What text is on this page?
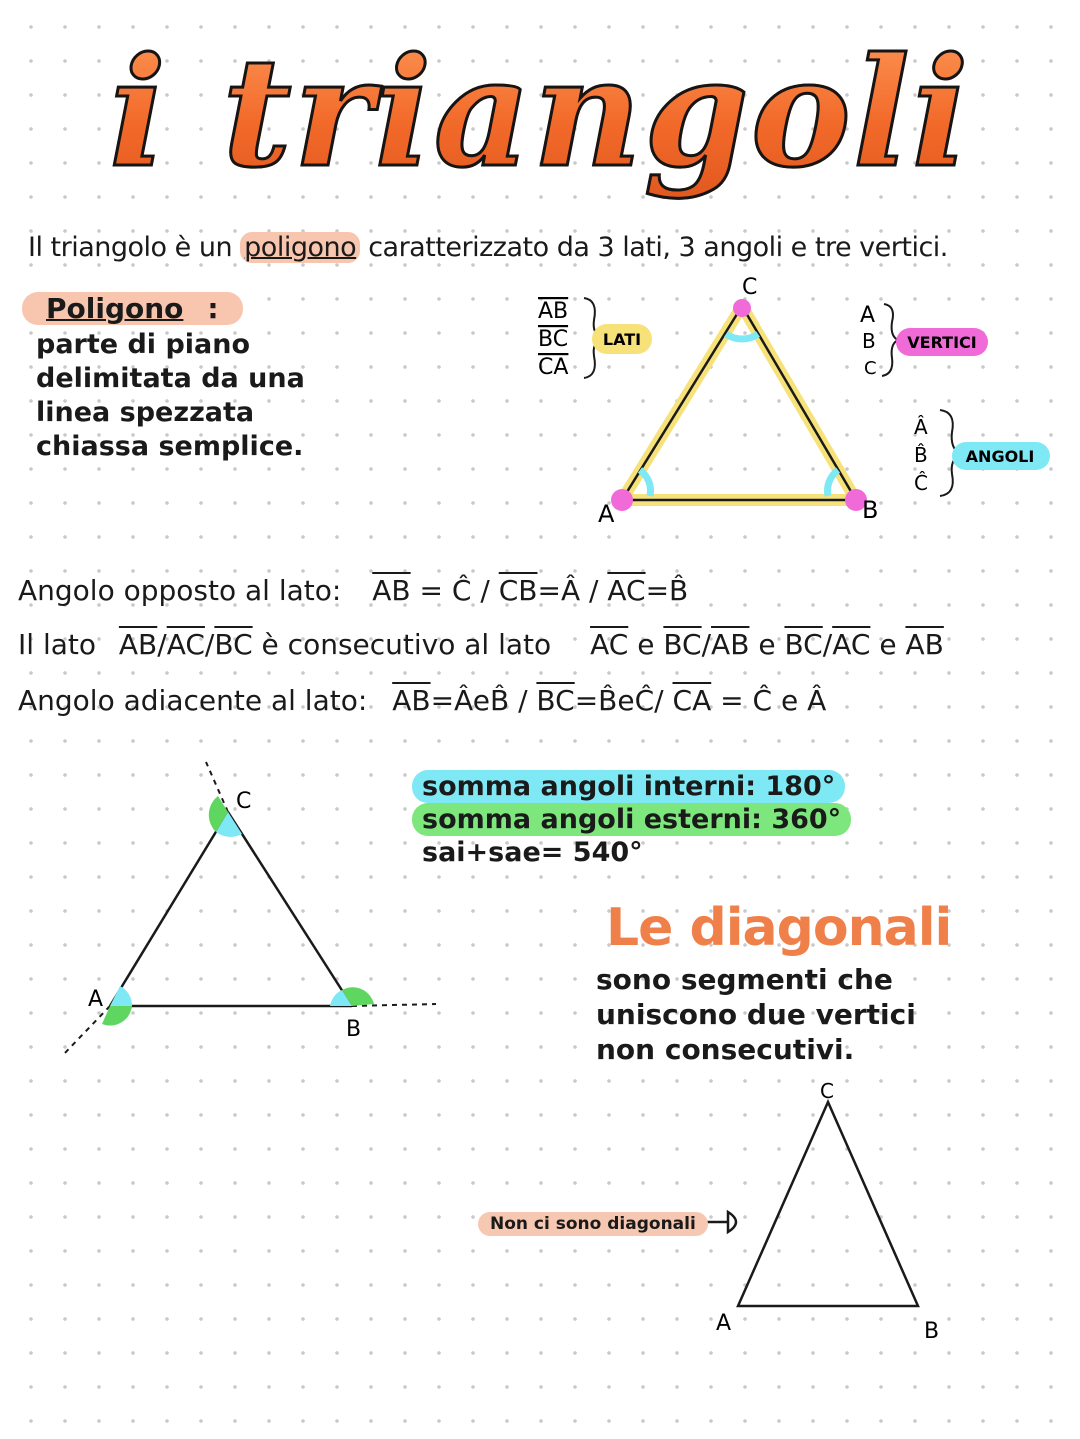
i triangoli
Il triangolo è un poligono caratterizzato da 3 lati, 3 angoli e tre vertici.
Poligono :
parte di piano delimitata da una linea spezzata chiassa semplice.
A	B
C
AB
BC
CA
LATI
A
B
C
VERTICI
Â
B̂
Ĉ
ANGOLI
A
B
C
A	B
C
Angolo opposto al lato: $\overline{AB}$ = Ĉ / $\overline{CB}=Â$ / $\overline{AC}=B̂$
Il lato $\overline{AB}/\overline{AC}/\overline{BC}$ è consecutivo al lato $\overline{AC}$ e $\overline{BC}/\overline{AB}$ e $\overline{BC}/\overline{AC}$ e $\overline{AB}$
Angolo adiacente al lato: $\overline{AB}=ÂeB̂$ / $\overline{BC}=B̂eĈ/$ $\overline{CA}$ = Ĉ e Â
somma angoli interni: 180°
somma angoli esterni: 360°
sai+sae= 540°
Le diagonali
sono segmenti che uniscono due vertici non consecutivi.
Non ci sono diagonali
